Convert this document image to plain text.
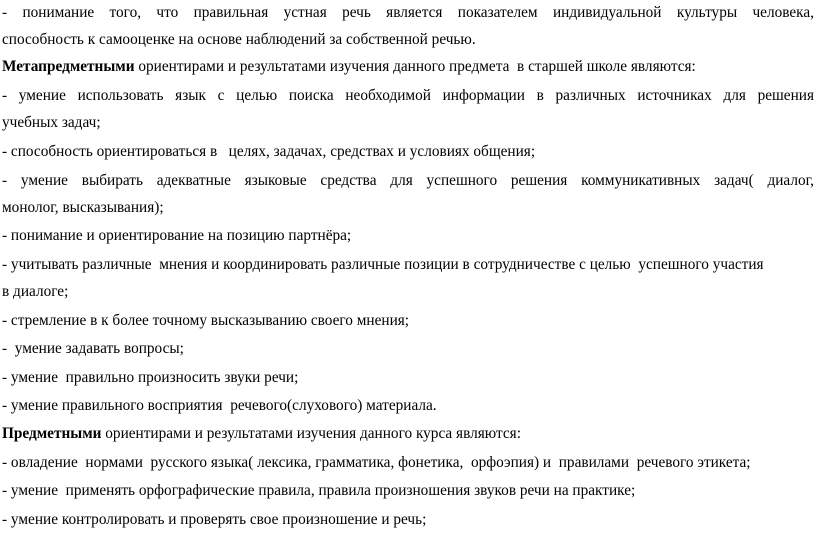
- понимание того, что правильная устная речь является показателем индивидуальной культуры человека,
способность к самооценке на основе наблюдений за собственной речью.
Метапредметными ориентирами и результатами изучения данного предмета  в старшей школе являются:
- умение использовать язык с целью поиска необходимой информации в различных источниках для решения
учебных задач;
- способность ориентироваться в   целях, задачах, средствах и условиях общения;
- умение выбирать адекватные языковые средства для успешного решения коммуникативных задач( диалог,
монолог, высказывания);
- понимание и ориентирование на позицию партнёра;
- учитывать различные  мнения и координировать различные позиции в сотрудничестве с целью  успешного участия
в диалоге;
- стремление в к более точному высказыванию своего мнения;
-  умение задавать вопросы;
- умение  правильно произносить звуки речи;
- умение правильного восприятия  речевого(слухового) материала.
Предметными ориентирами и результатами изучения данного курса являются:
- овладение  нормами  русского языка( лексика, грамматика, фонетика,  орфоэпия) и  правилами  речевого этикета;
- умение  применять орфографические правила, правила произношения звуков речи на практике;
- умение контролировать и проверять свое произношение и речь;
